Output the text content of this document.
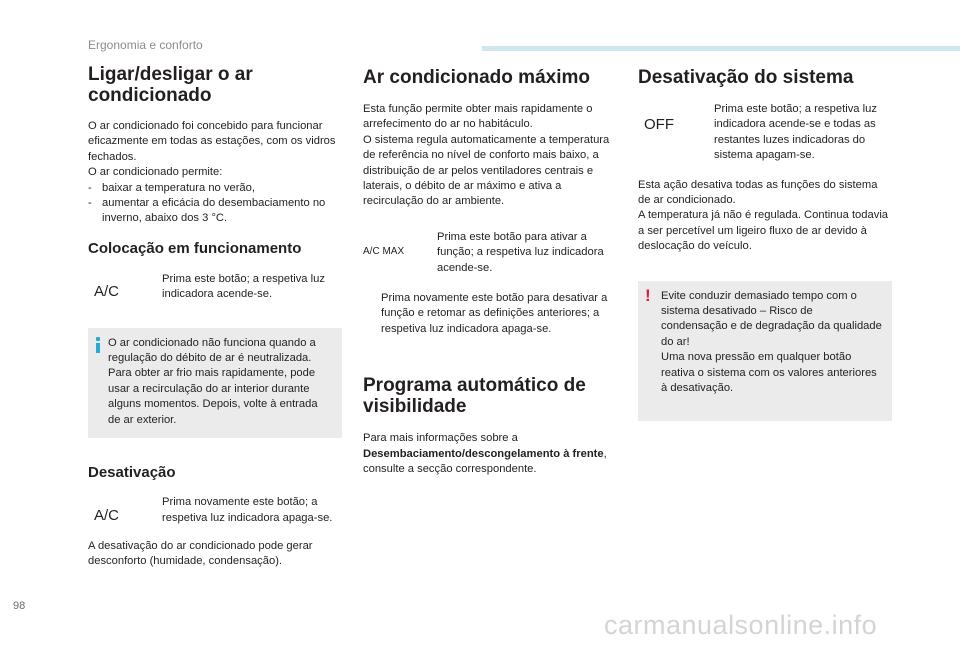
Ergonomia e conforto
Ligar/desligar o ar condicionado

O ar condicionado foi concebido para funcionar eficazmente em todas as estações, com os vidros fechados.

O ar condicionado permite:

- baixar a temperatura no verão,
- aumentar a eficácia do desembaciamento no inverno, abaixo dos 3 °C.
Colocação em funcionamento
A/C
Prima este botão; a respetiva luz indicadora acende-se.
O ar condicionado não funciona quando a regulação do débito de ar é neutralizada. Para obter ar frio mais rapidamente, pode usar a recirculação do ar interior durante alguns momentos. Depois, volte à entrada de ar exterior.
Desativação
A/C
Prima novamente este botão; a respetiva luz indicadora apaga-se.

A desativação do ar condicionado pode gerar desconforto (humidade, condensação).

Ar condicionado máximo

Esta função permite obter mais rapidamente o arrefecimento do ar no habitáculo.

O sistema regula automaticamente a temperatura de referência no nível de conforto mais baixo, a distribuição de ar pelos ventiladores centrais e laterais, o débito de ar máximo e ativa a recirculação do ar ambiente.

A/C MAX
Prima este botão para ativar a função; a respetiva luz indicadora acende-se.
Prima novamente este botão para desativar a função e retomar as definições anteriores; a respetiva luz indicadora apaga-se.
Programa automático de visibilidade

Para mais informações sobre a
Desembaciamento/descongelamento à frente, consulte a secção correspondente.

Desativação do sistema
OFF
Prima este botão; a respetiva luz indicadora acende-se e todas as restantes luzes indicadoras do sistema apagam-se.

Esta ação desativa todas as funções do sistema de ar condicionado.

A temperatura já não é regulada. Continua todavia a ser percetível um ligeiro fluxo de ar devido à deslocação do veículo.

! Evite conduzir demasiado tempo com o sistema desativado – Risco de condensação e de degradação da qualidade do ar!
Uma nova pressão em qualquer botão reativa o sistema com os valores anteriores à desativação.
98
carmanualsonline.info
